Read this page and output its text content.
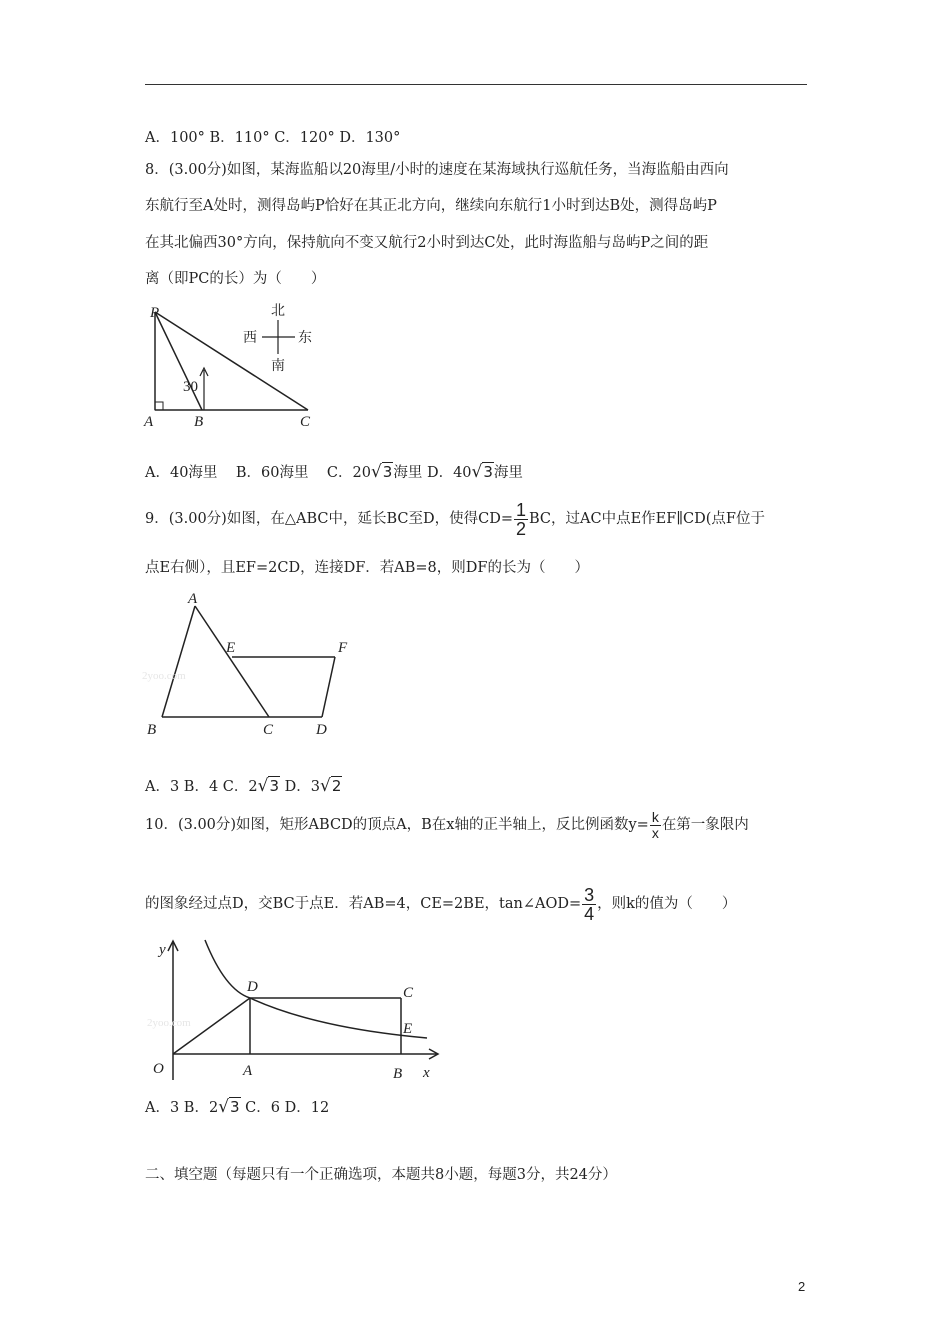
A．100° B．110° C．120° D．130°
8．(3.00分)如图，某海监船以20海里/小时的速度在某海域执行巡航任务，当海监船由西向
东航行至A处时，测得岛屿P恰好在其正北方向，继续向东航行1小时到达B处，测得岛屿P
在其北偏西30°方向，保持航向不变又航行2小时到达C处，此时海监船与岛屿P之间的距
离（即PC的长）为（　　）
P
A	B	C
30
北
南
西	东
A．40海里 B．60海里 C．20√3海里 D．40√3海里
9．(3.00分)如图，在△ABC中，延长BC至D，使得$CD= \frac{1}{2}$ BC，过AC中点E作EF∥CD(点F位于
点E右侧），且EF=2CD，连接DF．若AB=8，则DF的长为（　　）
A
B	C	D
E	F
2yoo.com
A．3 B．4 C．2√3 D．3√2
10．(3.00分)如图，矩形ABCD的顶点A，B在x轴的正半轴上，反比例函数$y= \frac{k}{x}$ 在第一象限内
的图象经过点D，交BC于点E．若AB=4，CE=2BE，tan∠AOD= $\frac{3}{4}$ ，则k的值为（　　）
y
x
O	A	B
C
D
E
2yoo.com
A．3 B．2√3 C．6 D．12
二、填空题（每题只有一个正确选项，本题共8小题，每题3分，共24分）
2
